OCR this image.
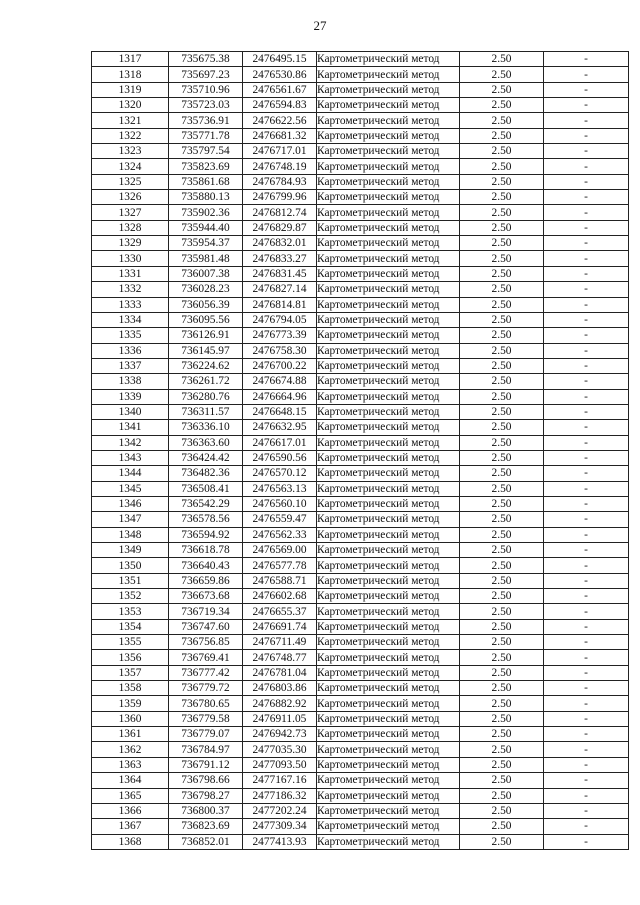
27
1317	735675.38	2476495.15	Картометрический метод	2.50	-
1318	735697.23	2476530.86	Картометрический метод	2.50	-
1319	735710.96	2476561.67	Картометрический метод	2.50	-
1320	735723.03	2476594.83	Картометрический метод	2.50	-
1321	735736.91	2476622.56	Картометрический метод	2.50	-
1322	735771.78	2476681.32	Картометрический метод	2.50	-
1323	735797.54	2476717.01	Картометрический метод	2.50	-
1324	735823.69	2476748.19	Картометрический метод	2.50	-
1325	735861.68	2476784.93	Картометрический метод	2.50	-
1326	735880.13	2476799.96	Картометрический метод	2.50	-
1327	735902.36	2476812.74	Картометрический метод	2.50	-
1328	735944.40	2476829.87	Картометрический метод	2.50	-
1329	735954.37	2476832.01	Картометрический метод	2.50	-
1330	735981.48	2476833.27	Картометрический метод	2.50	-
1331	736007.38	2476831.45	Картометрический метод	2.50	-
1332	736028.23	2476827.14	Картометрический метод	2.50	-
1333	736056.39	2476814.81	Картометрический метод	2.50	-
1334	736095.56	2476794.05	Картометрический метод	2.50	-
1335	736126.91	2476773.39	Картометрический метод	2.50	-
1336	736145.97	2476758.30	Картометрический метод	2.50	-
1337	736224.62	2476700.22	Картометрический метод	2.50	-
1338	736261.72	2476674.88	Картометрический метод	2.50	-
1339	736280.76	2476664.96	Картометрический метод	2.50	-
1340	736311.57	2476648.15	Картометрический метод	2.50	-
1341	736336.10	2476632.95	Картометрический метод	2.50	-
1342	736363.60	2476617.01	Картометрический метод	2.50	-
1343	736424.42	2476590.56	Картометрический метод	2.50	-
1344	736482.36	2476570.12	Картометрический метод	2.50	-
1345	736508.41	2476563.13	Картометрический метод	2.50	-
1346	736542.29	2476560.10	Картометрический метод	2.50	-
1347	736578.56	2476559.47	Картометрический метод	2.50	-
1348	736594.92	2476562.33	Картометрический метод	2.50	-
1349	736618.78	2476569.00	Картометрический метод	2.50	-
1350	736640.43	2476577.78	Картометрический метод	2.50	-
1351	736659.86	2476588.71	Картометрический метод	2.50	-
1352	736673.68	2476602.68	Картометрический метод	2.50	-
1353	736719.34	2476655.37	Картометрический метод	2.50	-
1354	736747.60	2476691.74	Картометрический метод	2.50	-
1355	736756.85	2476711.49	Картометрический метод	2.50	-
1356	736769.41	2476748.77	Картометрический метод	2.50	-
1357	736777.42	2476781.04	Картометрический метод	2.50	-
1358	736779.72	2476803.86	Картометрический метод	2.50	-
1359	736780.65	2476882.92	Картометрический метод	2.50	-
1360	736779.58	2476911.05	Картометрический метод	2.50	-
1361	736779.07	2476942.73	Картометрический метод	2.50	-
1362	736784.97	2477035.30	Картометрический метод	2.50	-
1363	736791.12	2477093.50	Картометрический метод	2.50	-
1364	736798.66	2477167.16	Картометрический метод	2.50	-
1365	736798.27	2477186.32	Картометрический метод	2.50	-
1366	736800.37	2477202.24	Картометрический метод	2.50	-
1367	736823.69	2477309.34	Картометрический метод	2.50	-
1368	736852.01	2477413.93	Картометрический метод	2.50	-
